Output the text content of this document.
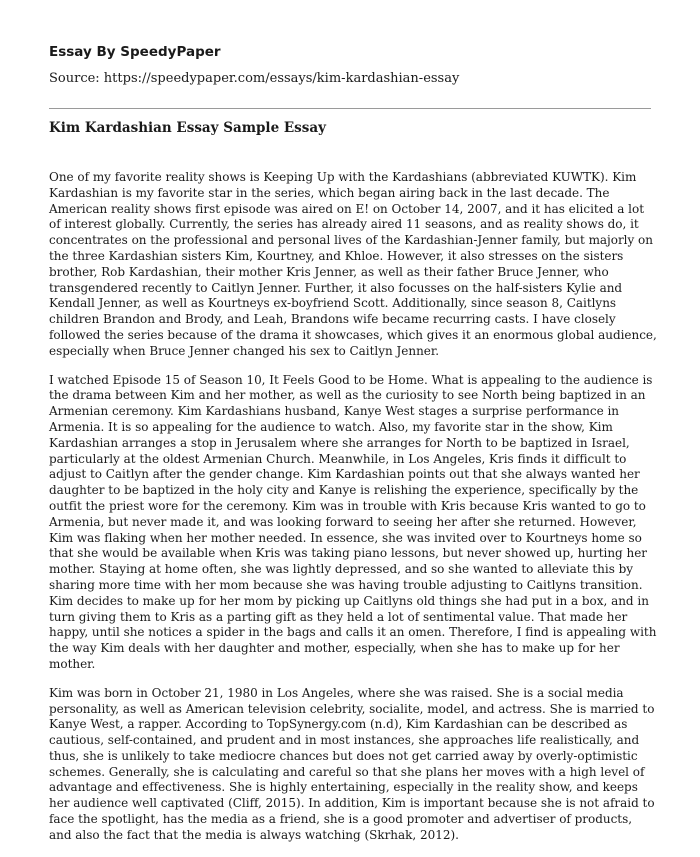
Essay By SpeedyPaper
Source: https://speedypaper.com/essays/kim-kardashian-essay
Kim Kardashian Essay Sample Essay

One of my favorite reality shows is Keeping Up with the Kardashians (abbreviated KUWTK). Kim Kardashian is my favorite star in the series, which began airing back in the last decade. The American reality shows first episode was aired on E! on October 14, 2007, and it has elicited a lot of interest globally. Currently, the series has already aired 11 seasons, and as reality shows do, it concentrates on the professional and personal lives of the Kardashian-Jenner family, but majorly on the three Kardashian sisters Kim, Kourtney, and Khloe. However, it also stresses on the sisters brother, Rob Kardashian, their mother Kris Jenner, as well as their father Bruce Jenner, who transgendered recently to Caitlyn Jenner. Further, it also focusses on the half-sisters Kylie and Kendall Jenner, as well as Kourtneys ex-boyfriend Scott. Additionally, since season 8, Caitlyns children Brandon and Brody, and Leah, Brandons wife became recurring casts. I have closely followed the series because of the drama it showcases, which gives it an enormous global audience, especially when Bruce Jenner changed his sex to Caitlyn Jenner.

I watched Episode 15 of Season 10, It Feels Good to be Home. What is appealing to the audience is the drama between Kim and her mother, as well as the curiosity to see North being baptized in an Armenian ceremony. Kim Kardashians husband, Kanye West stages a surprise performance in Armenia. It is so appealing for the audience to watch. Also, my favorite star in the show, Kim Kardashian arranges a stop in Jerusalem where she arranges for North to be baptized in Israel, particularly at the oldest Armenian Church. Meanwhile, in Los Angeles, Kris finds it difficult to adjust to Caitlyn after the gender change. Kim Kardashian points out that she always wanted her daughter to be baptized in the holy city and Kanye is relishing the experience, specifically by the outfit the priest wore for the ceremony. Kim was in trouble with Kris because Kris wanted to go to Armenia, but never made it, and was looking forward to seeing her after she returned. However, Kim was flaking when her mother needed. In essence, she was invited over to Kourtneys home so that she would be available when Kris was taking piano lessons, but never showed up, hurting her mother. Staying at home often, she was lightly depressed, and so she wanted to alleviate this by sharing more time with her mom because she was having trouble adjusting to Caitlyns transition. Kim decides to make up for her mom by picking up Caitlyns old things she had put in a box, and in turn giving them to Kris as a parting gift as they held a lot of sentimental value. That made her happy, until she notices a spider in the bags and calls it an omen. Therefore, I find is appealing with the way Kim deals with her daughter and mother, especially, when she has to make up for her mother.

Kim was born in October 21, 1980 in Los Angeles, where she was raised. She is a social media personality, as well as American television celebrity, socialite, model, and actress. She is married to Kanye West, a rapper. According to TopSynergy.com (n.d), Kim Kardashian can be described as cautious, self-contained, and prudent and in most instances, she approaches life realistically, and thus, she is unlikely to take mediocre chances but does not get carried away by overly-optimistic schemes. Generally, she is calculating and careful so that she plans her moves with a high level of advantage and effectiveness. She is highly entertaining, especially in the reality show, and keeps her audience well captivated (Cliff, 2015). In addition, Kim is important because she is not afraid to face the spotlight, has the media as a friend, she is a good promoter and advertiser of products, and also the fact that the media is always watching (Skrhak, 2012).
